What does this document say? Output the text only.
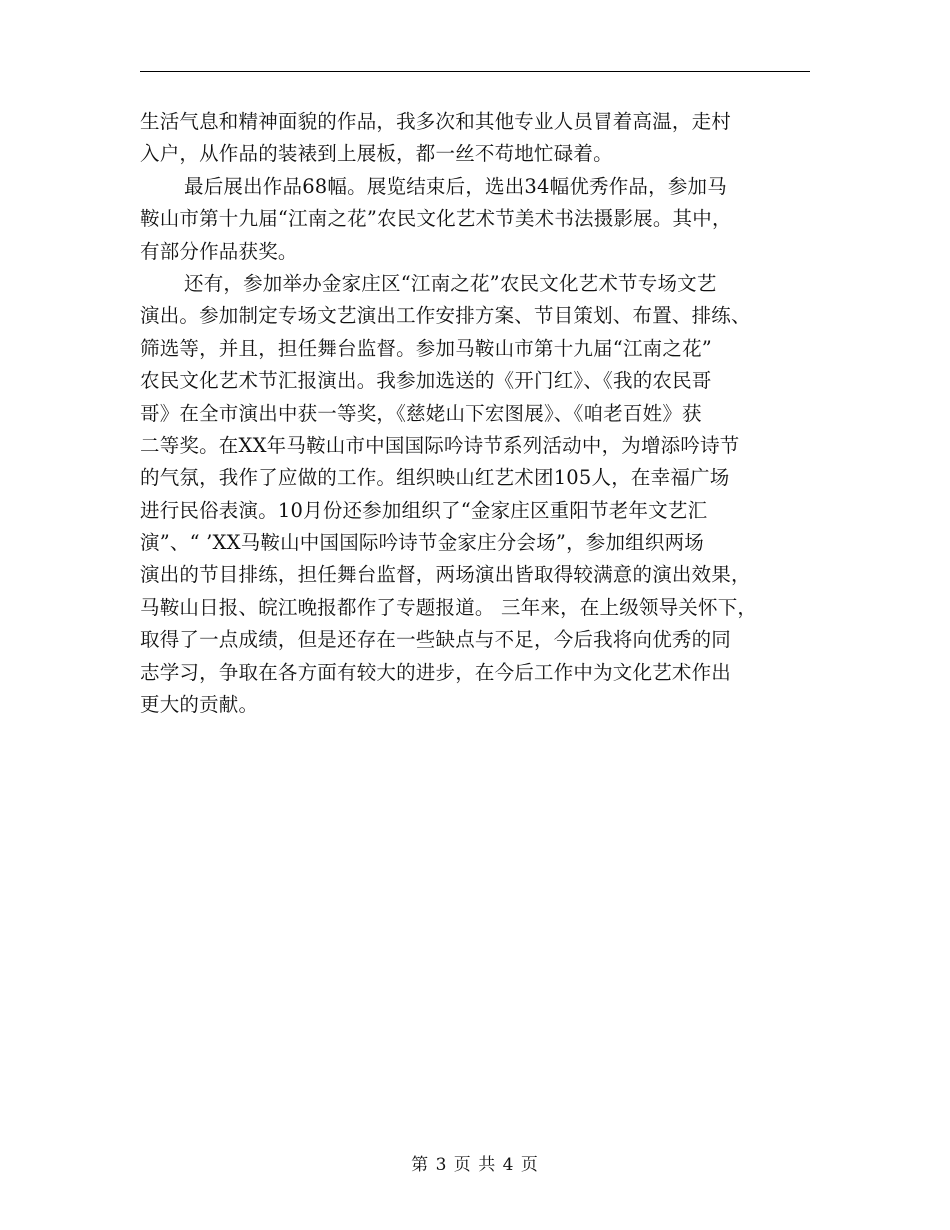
生活气息和精神面貌的作品，我多次和其他专业人员冒着高温，走村
入户，从作品的装裱到上展板，都一丝不苟地忙碌着。
最后展出作品68幅。展览结束后，选出34幅优秀作品，参加马
鞍山市第十九届“江南之花”农民文化艺术节美术书法摄影展。其中，
有部分作品获奖。
还有，参加举办金家庄区“江南之花”农民文化艺术节专场文艺
演出。参加制定专场文艺演出工作安排方案、节目策划、布置、排练、
筛选等，并且，担任舞台监督。参加马鞍山市第十九届“江南之花”
农民文化艺术节汇报演出。我参加选送的《开门红》、《我的农民哥
哥》在全市演出中获一等奖，《慈姥山下宏图展》、《咱老百姓》获
二等奖。在XX年马鞍山市中国国际吟诗节系列活动中，为增添吟诗节
的气氛，我作了应做的工作。组织映山红艺术团105人，在幸福广场
进行民俗表演。10月份还参加组织了“金家庄区重阳节老年文艺汇
演”、“ ’XX马鞍山中国国际吟诗节金家庄分会场”，参加组织两场
演出的节目排练，担任舞台监督，两场演出皆取得较满意的演出效果，
马鞍山日报、皖江晚报都作了专题报道。 三年来，在上级领导关怀下，
取得了一点成绩，但是还存在一些缺点与不足，今后我将向优秀的同
志学习，争取在各方面有较大的进步，在今后工作中为文化艺术作出
更大的贡献。
第 3 页 共 4 页
